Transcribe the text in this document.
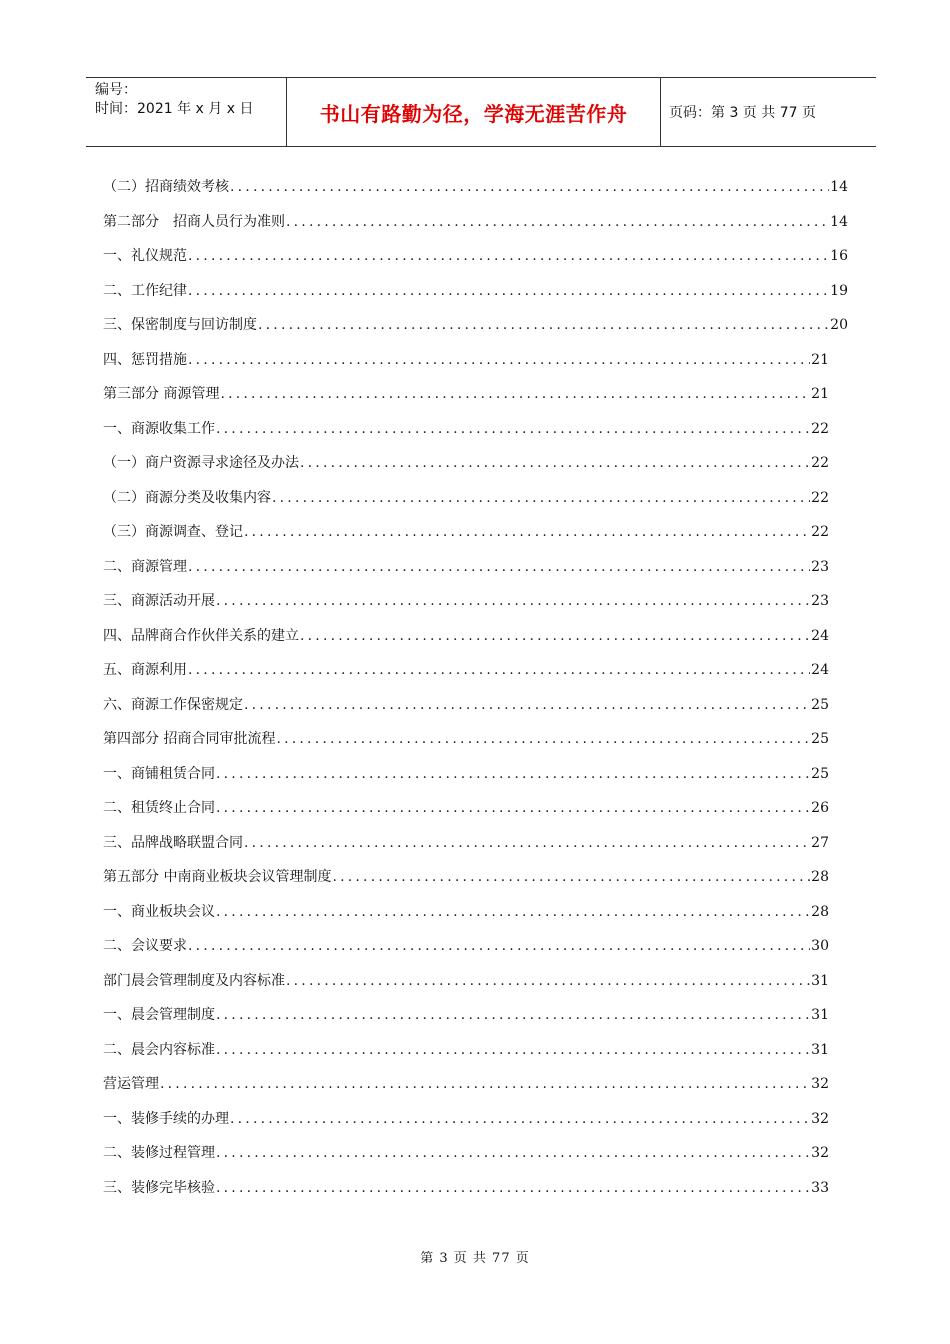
编号：
时间：2021 年 x 月 x 日	书山有路勤为径，学海无涯苦作舟	页码：第 3 页 共 77 页
（二）招商绩效考核 .....	14
第二部分　招商人员行为准则 .....	14
一、礼仪规范 .....	16
二、工作纪律 .....	19
三、保密制度与回访制度 .....	20
四、惩罚措施 .....	21
第三部分 商源管理 .....	21
一、商源收集工作 .....	22
（一）商户资源寻求途径及办法 .....	22
（二）商源分类及收集内容 .....	22
（三）商源调查、登记 .....	22
二、商源管理 .....	23
三、商源活动开展 .....	23
四、品牌商合作伙伴关系的建立 .....	24
五、商源利用 .....	24
六、商源工作保密规定 .....	25
第四部分 招商合同审批流程 .....	25
一、商铺租赁合同 .....	25
二、租赁终止合同 .....	26
三、品牌战略联盟合同 .....	27
第五部分 中南商业板块会议管理制度 .....	28
一、商业板块会议 .....	28
二、会议要求 .....	30
部门晨会管理制度及内容标准 .....	31
一、晨会管理制度 .....	31
二、晨会内容标准 .....	31
营运管理 .....	32
一、装修手续的办理 .....	32
二、装修过程管理 .....	32
三、装修完毕核验 .....	33
第 3 页 共 77 页
